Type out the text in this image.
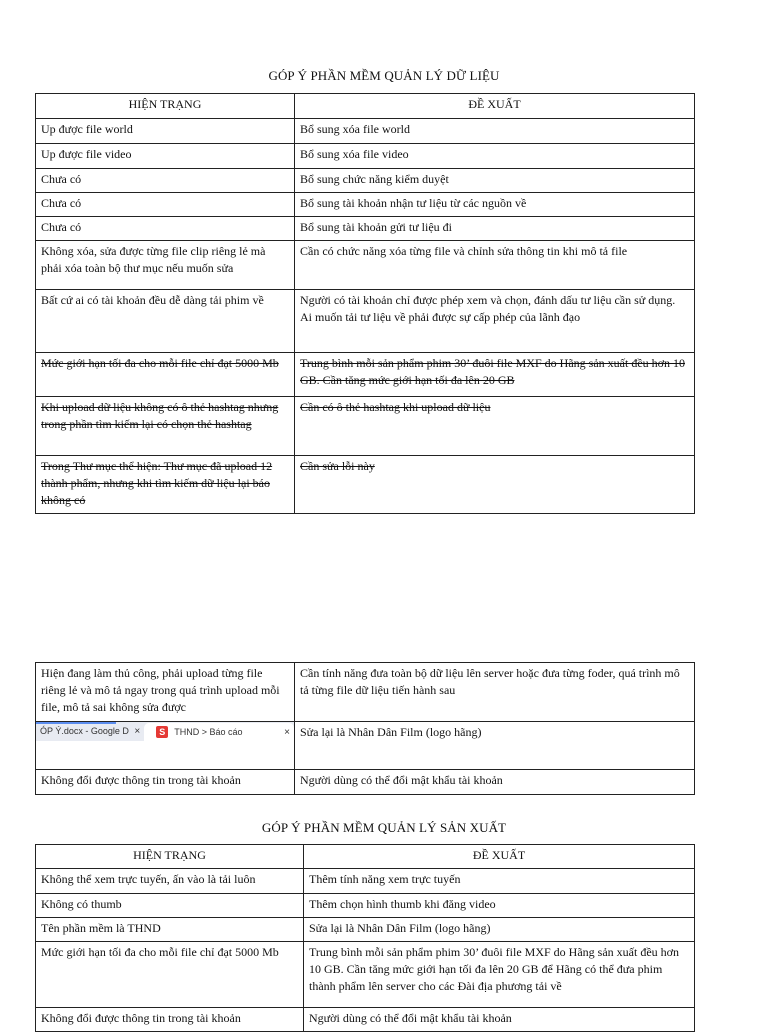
GÓP Ý PHẦN MỀM QUẢN LÝ DỮ LIỆU
HIỆN TRẠNG	ĐỀ XUẤT
Up được file world	Bổ sung xóa file world
Up được file video	Bổ sung xóa file video
Chưa có	Bổ sung chức năng kiểm duyệt
Chưa có	Bổ sung tài khoản nhận tư liệu từ các nguồn về
Chưa có	Bổ sung tài khoản gửi tư liệu đi
Không xóa, sửa được từng file clip riêng lẻ mà phải xóa toàn bộ thư mục nếu muốn sửa	Cần có chức năng xóa từng file và chỉnh sửa thông tin khi mô tả file
Bất cứ ai có tài khoản đều dễ dàng tải phim về	Người có tài khoản chỉ được phép xem và chọn, đánh dấu tư liệu cần sử dụng. Ai muốn tải tư liệu về phải được sự cấp phép của lãnh đạo
Mức giới hạn tối đa cho mỗi file chỉ đạt 5000 Mb	Trung bình mỗi sản phẩm phim 30’ đuôi file MXF do Hãng sản xuất đều hơn 10 GB. Cần tăng mức giới hạn tối đa lên 20 GB
Khi upload dữ liệu không có ô thẻ hashtag nhưng trong phần tìm kiếm lại có chọn thẻ hashtag	Cần có ô thẻ hashtag khi upload dữ liệu
Trong Thư mục thể hiện: Thư mục đã upload 12 thành phẩm, nhưng khi tìm kiếm dữ liệu lại báo không có	Cần sửa lỗi này
Hiện đang làm thủ công, phải upload từng file riêng lẻ và mô tả ngay trong quá trình upload mỗi file, mô tả sai không sửa được	Cần tính năng đưa toàn bộ dữ liệu lên server hoặc đưa từng foder, quá trình mô tả từng file dữ liệu tiến hành sau

ÓP Ý.docx - Google D × S THND > Báo cáo ×	Sửa lại là Nhân Dân Film (logo hãng)
Không đổi được thông tin trong tài khoản	Người dùng có thể đổi mật khẩu tài khoản
GÓP Ý PHẦN MỀM QUẢN LÝ SẢN XUẤT
HIỆN TRẠNG	ĐỀ XUẤT
Không thể xem trực tuyến, ấn vào là tải luôn	Thêm tính năng xem trực tuyến
Không có thumb	Thêm chọn hình thumb khi đăng video
Tên phần mềm là THND	Sửa lại là Nhân Dân Film (logo hãng)
Mức giới hạn tối đa cho mỗi file chỉ đạt 5000 Mb	Trung bình mỗi sản phẩm phim 30’ đuôi file MXF do Hãng sản xuất đều hơn 10 GB. Cần tăng mức giới hạn tối đa lên 20 GB để Hãng có thể đưa phim thành phẩm lên server cho các Đài địa phương tải về
Không đổi được thông tin trong tài khoản	Người dùng có thể đổi mật khẩu tài khoản
